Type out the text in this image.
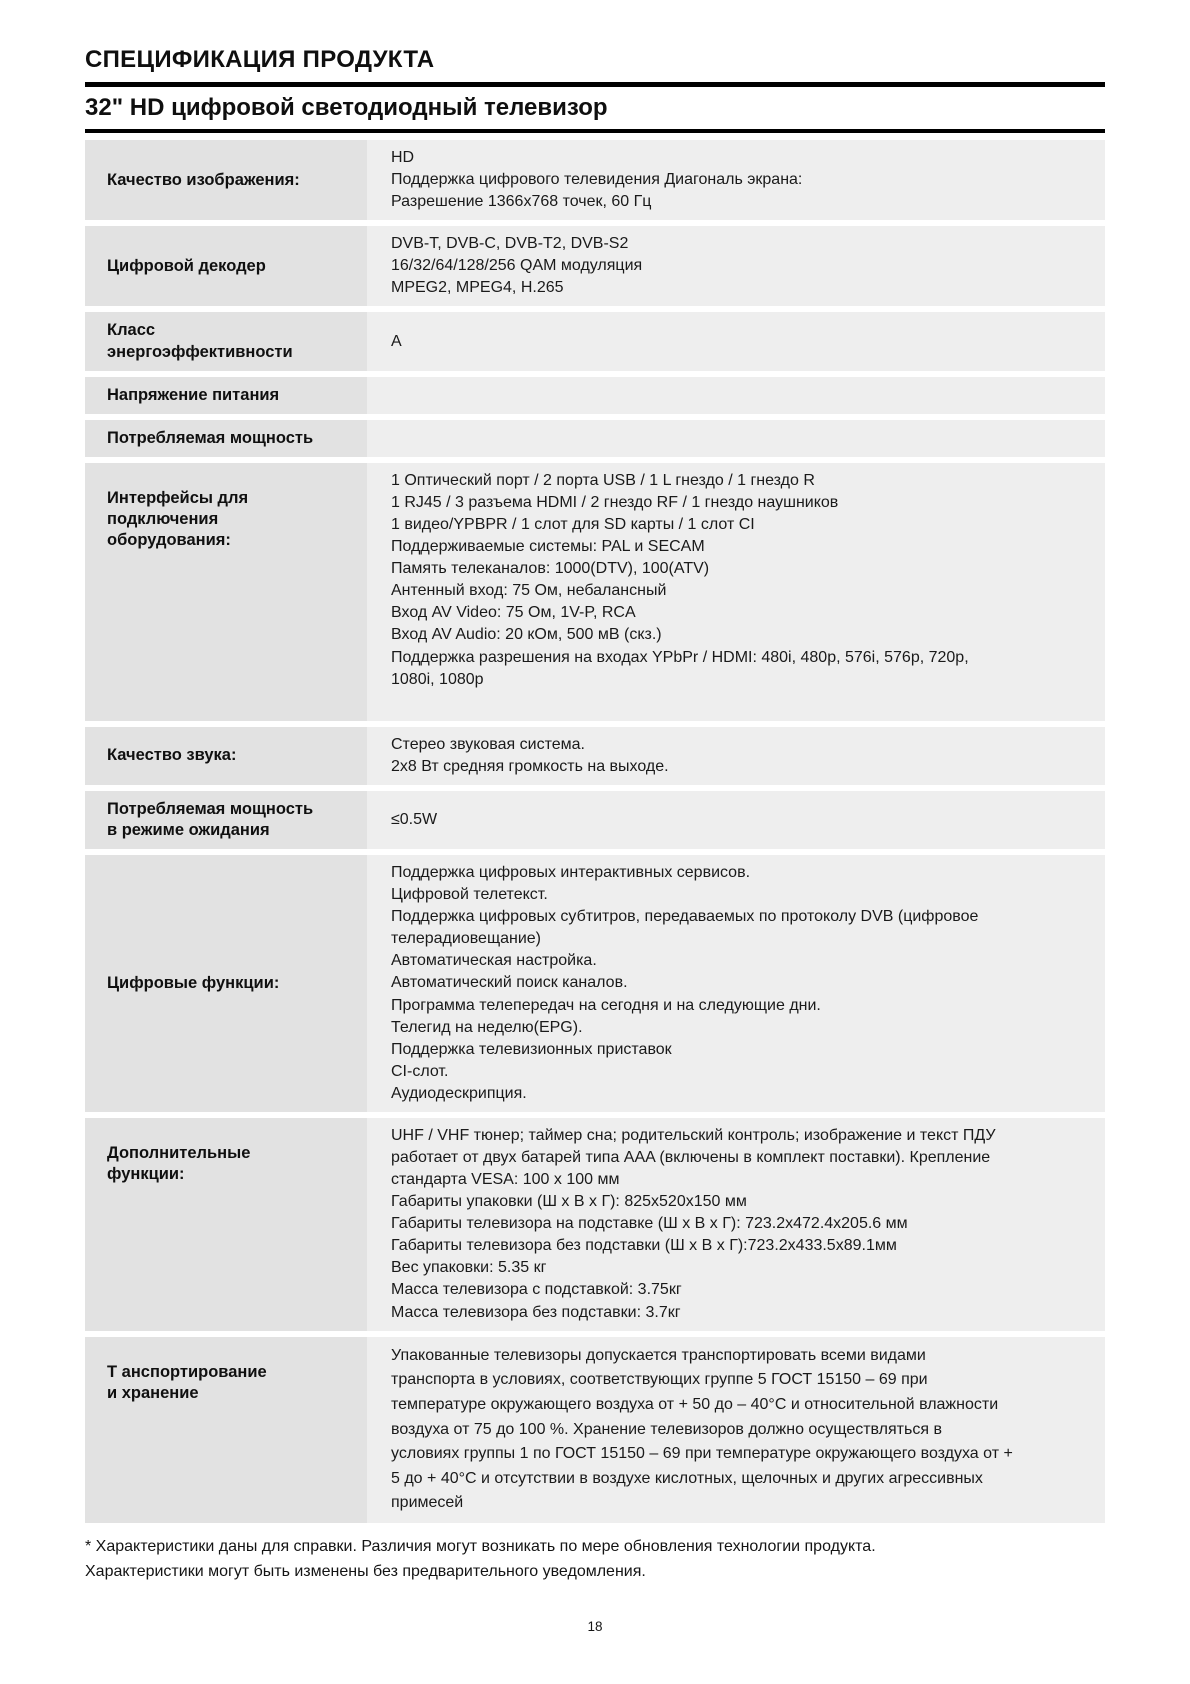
СПЕЦИФИКАЦИЯ ПРОДУКТА
32" HD цифровой светодиодный телевизор
Качество изображения:
HD
Поддержка цифрового телевидения Диагональ экрана:
Разрешение 1366x768 точек, 60 Гц
Цифровой декодер
DVB-T, DVB-C, DVB-T2, DVB-S2
16/32/64/128/256 QAM модуляция
MPEG2, MPEG4, H.265
Класс
энергоэффективности
A
Напряжение питания
Потребляемая мощность
Интерфейсы для
подключения
оборудования:
1 Оптический порт / 2 порта USB / 1 L гнездо / 1 гнездо R
1 RJ45 / 3 разъема HDMI / 2 гнездо RF / 1 гнездо наушников
1 видео/YPBPR / 1 слот для SD карты / 1 слот CI
Поддерживаемые системы: PAL и SECAM
Память телеканалов: 1000(DTV), 100(ATV)
Антенный вход: 75 Ом, небалансный
Вход AV Video: 75 Ом, 1V-P, RCA
Вход AV Audio: 20 кОм, 500 мВ (скз.)
Поддержка разрешения на входах YPbPr / HDMI: 480i, 480p, 576i, 576p, 720p, 1080i, 1080p
Качество звука:
Стерео звуковая система.
2x8 Вт средняя громкость на выходе.
Потребляемая мощность
в режиме ожидания
≤0.5W
Цифровые функции:
Поддержка цифровых интерактивных сервисов.
Цифровой телетекст.
Поддержка цифровых субтитров, передаваемых по протоколу DVB (цифровое телерадиовещание)
Автоматическая настройка.
Автоматический поиск каналов.
Программа телепередач на сегодня и на следующие дни.
Телегид на неделю(EPG).
Поддержка телевизионных приставок
CI-слот.
Аудиодескрипция.
Дополнительные
функции:
UHF / VHF тюнер; таймер сна; родительский контроль; изображение и текст ПДУ работает от двух батарей типа AAA (включены в комплект поставки). Крепление стандарта VESA: 100 x 100 мм
Габариты упаковки (Ш х В х Г): 825x520x150 мм
Габариты телевизора на подставке (Ш х В х Г): 723.2x472.4x205.6 мм
Габариты телевизора без подставки (Ш х В х Г):723.2x433.5x89.1мм
Вес упаковки: 5.35 кг
Масса телевизора с подставкой: 3.75кг
Масса телевизора без подставки: 3.7кг
Т анспортирование
и хранение
Упакованные телевизоры допускается транспортировать всеми видами транспорта в условиях, соответствующих группе 5 ГОСТ 15150 – 69 при температуре окружающего воздуха от + 50 до – 40°C и относительной влажности воздуха от 75 до 100 %. Хранение телевизоров должно осуществляться в условиях группы 1 по ГОСТ 15150 – 69 при температуре окружающего воздуха от + 5 до + 40°C и отсутствии в воздухе кислотных, щелочных и других агрессивных примесей
* Характеристики даны для справки. Различия могут возникать по мере обновления технологии продукта.
Характеристики могут быть изменены без предварительного уведомления.
18
